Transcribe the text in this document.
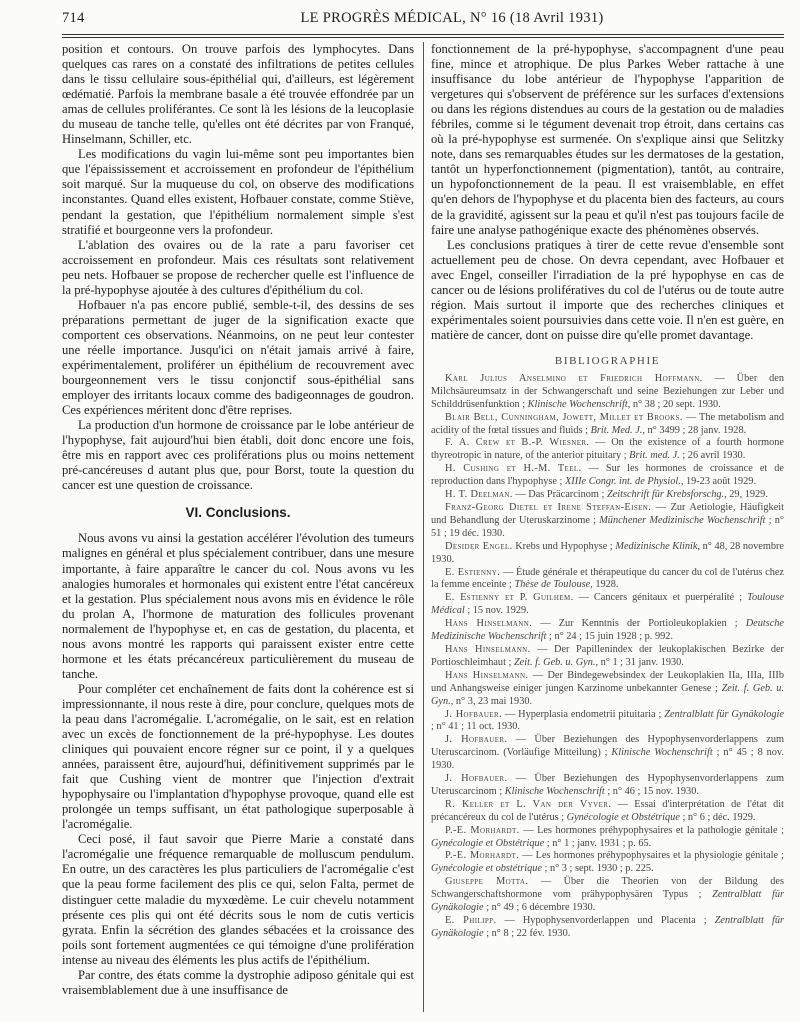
714	LE PROGRÈS MÉDICAL, N° 16 (18 Avril 1931)

position et contours. On trouve parfois des lymphocytes. Dans quelques cas rares on a constaté des infiltrations de petites cellules dans le tissu cellulaire sous-épithélial qui, d'ailleurs, est légèrement œdématié. Parfois la membrane basale a été trouvée effondrée par un amas de cellules proliférantes. Ce sont là les lésions de la leucoplasie du museau de tanche telle, qu'elles ont été décrites par von Franqué, Hinselmann, Schiller, etc.

Les modifications du vagin lui-même sont peu importantes bien que l'épaississement et accroissement en profondeur de l'épithélium soit marqué. Sur la muqueuse du col, on observe des modifications inconstantes. Quand elles existent, Hofbauer constate, comme Stiève, pendant la gestation, que l'épithélium normalement simple s'est stratifié et bourgeonne vers la profondeur.

L'ablation des ovaires ou de la rate a paru favoriser cet accroissement en profondeur. Mais ces résultats sont relativement peu nets. Hofbauer se propose de rechercher quelle est l'influence de la pré-hypophyse ajoutée à des cultures d'épithélium du col.

Hofbauer n'a pas encore publié, semble-t-il, des dessins de ses préparations permettant de juger de la signification exacte que comportent ces observations. Néanmoins, on ne peut leur contester une réelle importance. Jusqu'ici on n'était jamais arrivé à faire, expérimentalement, proliférer un épithélium de recouvrement avec bourgeonnement vers le tissu conjonctif sous-épithélial sans employer des irritants locaux comme des badigeonnages de goudron. Ces expériences méritent donc d'être reprises.

La production d'un hormone de croissance par le lobe antérieur de l'hypophyse, fait aujourd'hui bien établi, doit donc encore une fois, être mis en rapport avec ces proliférations plus ou moins nettement pré-cancéreuses d autant plus que, pour Borst, toute la question du cancer est une question de croissance.

VI. Conclusions.

Nous avons vu ainsi la gestation accélérer l'évolution des tumeurs malignes en général et plus spécialement contribuer, dans une mesure importante, à faire apparaître le cancer du col. Nous avons vu les analogies humorales et hormonales qui existent entre l'état cancéreux et la gestation. Plus spécialement nous avons mis en évidence le rôle du prolan A, l'hormone de maturation des follicules provenant normalement de l'hypophyse et, en cas de gestation, du placenta, et nous avons montré les rapports qui paraissent exister entre cette hormone et les états précancéreux particulièrement du museau de tanche.

Pour compléter cet enchaînement de faits dont la cohérence est si impressionnante, il nous reste à dire, pour conclure, quelques mots de la peau dans l'acromégalie. L'acromégalie, on le sait, est en relation avec un excès de fonctionnement de la pré-hypophyse. Les doutes cliniques qui pouvaient encore régner sur ce point, il y a quelques années, paraissent être, aujourd'hui, définitivement supprimés par le fait que Cushing vient de montrer que l'injection d'extrait hypophysaire ou l'implantation d'hypophyse provoque, quand elle est prolongée un temps suffisant, un état pathologique superposable à l'acromégalie.

Ceci posé, il faut savoir que Pierre Marie a constaté dans l'acromégalie une fréquence remarquable de molluscum pendulum. En outre, un des caractères les plus particuliers de l'acromégalie c'est que la peau forme facilement des plis ce qui, selon Falta, permet de distinguer cette maladie du myxœdème. Le cuir chevelu notamment présente ces plis qui ont été décrits sous le nom de cutis verticis gyrata. Enfin la sécrétion des glandes sébacées et la croissance des poils sont fortement augmentées ce qui témoigne d'une prolifération intense au niveau des éléments les plus actifs de l'épithélium.

Par contre, des états comme la dystrophie adiposo génitale qui est vraisemblablement due à une insuffisance de

fonctionnement de la pré-hypophyse, s'accompagnent d'une peau fine, mince et atrophique. De plus Parkes Weber rattache à une insuffisance du lobe antérieur de l'hypophyse l'apparition de vergetures qui s'observent de préférence sur les surfaces d'extensions ou dans les régions distendues au cours de la gestation ou de maladies fébriles, comme si le tégument devenait trop étroit, dans certains cas où la pré-hypophyse est surmenée. On s'explique ainsi que Selitzky note, dans ses remarquables études sur les dermatoses de la gestation, tantôt un hyperfonctionnement (pigmentation), tantôt, au contraire, un hypofonctionnement de la peau. Il est vraisemblable, en effet qu'en dehors de l'hypophyse et du placenta bien des facteurs, au cours de la gravidité, agissent sur la peau et qu'il n'est pas toujours facile de faire une analyse pathogénique exacte des phénomènes observés.

Les conclusions pratiques à tirer de cette revue d'ensemble sont actuellement peu de chose. On devra cependant, avec Hofbauer et avec Engel, conseiller l'irradiation de la pré hypophyse en cas de cancer ou de lésions prolifératives du col de l'utérus ou de toute autre région. Mais surtout il importe que des recherches cliniques et expérimentales soient poursuivies dans cette voie. Il n'en est guère, en matière de cancer, dont on puisse dire qu'elle promet davantage.

BIBLIOGRAPHIE

Karl Julius Anselmino et Friedrich Hoffmann. — Über den Milchsäureumsatz in der Schwangerschaft und seine Beziehungen zur Leber und Schilddrüsenfunktion ; Klinische Wochenschrift, n° 38 ; 20 sept. 1930.

Blair Bell, Cunningham, Jowett, Millet et Brooks. — The metabolism and acidity of the fœtal tissues and fluids ; Brit. Med. J., n° 3499 ; 28 janv. 1928.

F. A. Crew et B.-P. Wiesner. — On the existence of a fourth hormone thyreotropic in nature, of the anterior pituitary ; Brit. med. J. ; 26 avril 1930.

H. Cushing et H.-M. Teel. — Sur les hormones de croissance et de reproduction dans l'hypophyse ; XIIIe Congr. int. de Physiol., 19-23 août 1929.

H. T. Deelman. — Das Präcarcinom ; Zeitschrift für Krebsforschg., 29, 1929.

Franz-Georg Dietel et Irene Steffan-Eisen. — Zur Aetiologie, Häufigkeit und Behandlung der Uteruskarzinome ; Münchener Medizinische Wochenschrift ; n° 51 ; 19 déc. 1930.

Desider Engel. Krebs und Hypophyse ; Medizinische Klinik, n° 48, 28 novembre 1930.

E. Estienny. — Étude générale et thérapeutique du cancer du col de l'utérus chez la femme enceinte ; Thèse de Toulouse, 1928.

E. Estienny et P. Guilhem. — Cancers génitaux et puerpéralité ; Toulouse Médical ; 15 nov. 1929.

Hans Hinselmann. — Zur Kenntnis der Portioleukoplakien ; Deutsche Medizinische Wochenschrift ; n° 24 ; 15 juin 1928 ; p. 992.

Hans Hinselmann. — Der Papillenindex der leukoplakischen Bezirke der Portioschleimhaut ; Zeit. f. Geb. u. Gyn., n° 1 ; 31 janv. 1930.

Hans Hinselmann. — Der Bindegewebsindex der Leukoplakien IIa, IIIa, IIIb und Anhangsweise einiger jungen Karzinome unbekannter Genese ; Zeit. f. Geb. u. Gyn., n° 3, 23 mai 1930.

J. Hofbauer. — Hyperplasia endometrii pituitaria ; Zentralblatt für Gynäkologie ; n° 41 ; 11 oct. 1930.

J. Hofbauer. — Über Beziehungen des Hypophysenvorderlappens zum Uteruscarcinom. (Vorläufige Mitteilung) ; Klinische Wochenschrift ; n° 45 ; 8 nov. 1930.

J. Hofbauer. — Über Beziehungen des Hypophysenvorderlappens zum Uteruscarcinom ; Klinische Wochenschrift ; n° 46 ; 15 nov. 1930.

R. Keller et L. Van der Vyver. — Essai d'interprétation de l'état dit précancéreux du col de l'utérus ; Gynécologie et Obstétrique ; n° 6 ; déc. 1929.

P.-E. Morhardt. — Les hormones préhypophysaires et la pathologie génitale ; Gynécologie et Obstétrique ; n° 1 ; janv. 1931 ; p. 65.

P.-E. Morhardt. — Les hormones préhypophysaires et la physiologie génitale ; Gynécologie et obstétrique ; n° 3 ; sept. 1930 ; p. 225.

Giuseppe Motta. — Über die Theorien von der Bildung des Schwangerschaftshormone vom prähypophysären Typus ; Zentralblatt für Gynäkologie ; n° 49 ; 6 décembre 1930.

E. Philipp. — Hypophysenvorderlappen und Placenta ; Zentralblatt für Gynäkologie ; n° 8 ; 22 fév. 1930.
